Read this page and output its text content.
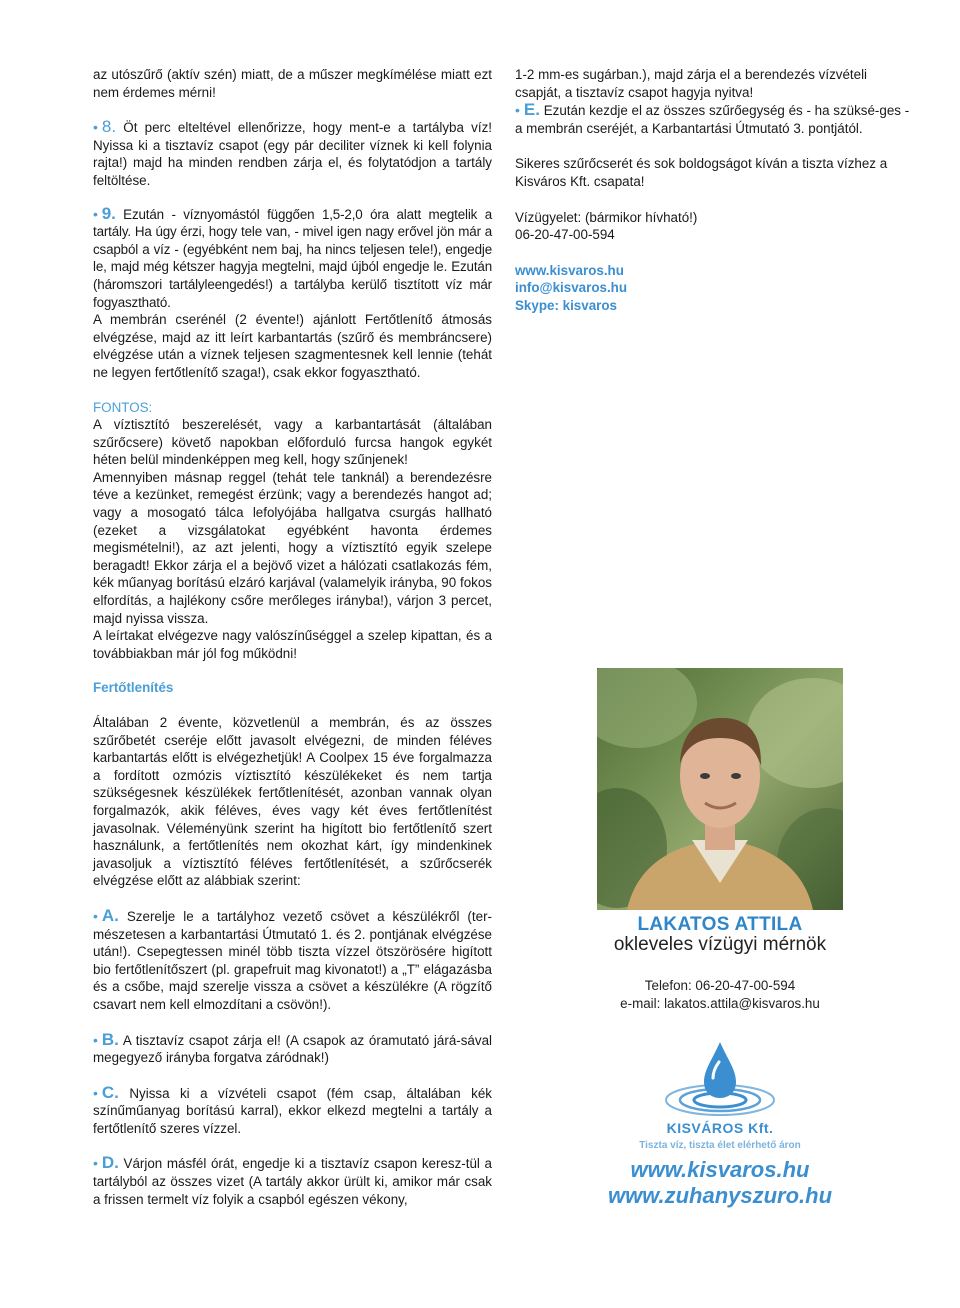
az utószűrő (aktív szén) miatt, de a műszer megkímélése miatt ezt nem érdemes mérni!

• 8. Öt perc elteltével ellenőrizze, hogy ment-e a tartályba víz! Nyissa ki a tisztavíz csapot (egy pár deciliter víznek ki kell folynia rajta!) majd ha minden rendben zárja el, és folytatódjon a tartály feltöltése.

• 9. Ezután - víznyomástól függően 1,5-2,0 óra alatt megtelik a tartály. Ha úgy érzi, hogy tele van, - mivel igen nagy erővel jön már a csapból a víz - (egyébként nem baj, ha nincs teljesen tele!), engedje le, majd még kétszer hagyja megtelni, majd újból engedje le. Ezután (háromszori tartályleengedés!) a tartályba kerülő tisztított víz már fogyasztható.

A membrán cserénél (2 évente!) ajánlott Fertőtlenítő átmosás elvégzése, majd az itt leírt karbantartás (szűrő és membráncsere) elvégzése után a víznek teljesen szagmentesnek kell lennie (tehát ne legyen fertőtlenítő szaga!), csak ekkor fogyasztható.

FONTOS:

A víztisztító beszerelését, vagy a karbantartását (általában szűrőcsere) követő napokban előforduló furcsa hangok egykét héten belül mindenképpen meg kell, hogy szűnjenek!

Amennyiben másnap reggel (tehát tele tanknál) a berendezésre téve a kezünket, remegést érzünk; vagy a berendezés hangot ad; vagy a mosogató tálca lefolyójába hallgatva csurgás hallható (ezeket a vizsgálatokat egyébként havonta érdemes megismételni!), az azt jelenti, hogy a víztisztító egyik szelepe beragadt! Ekkor zárja el a bejövő vizet a hálózati csatlakozás fém, kék műanyag borítású elzáró karjával (valamelyik irányba, 90 fokos elfordítás, a hajlékony csőre merőleges irányba!), várjon 3 percet, majd nyissa vissza.

A leírtakat elvégezve nagy valószínűséggel a szelep kipattan, és a továbbiakban már jól fog működni!

Fertőtlenítés

Általában 2 évente, közvetlenül a membrán, és az összes szűrőbetét cseréje előtt javasolt elvégezni, de minden féléves karbantartás előtt is elvégezhetjük! A Coolpex 15 éve forgalmazza a fordított ozmózis víztisztító készülékeket és nem tartja szükségesnek készülékek fertőtlenítését, azonban vannak olyan forgalmazók, akik féléves, éves vagy két éves fertőtlenítést javasolnak. Véleményünk szerint ha higított bio fertőtlenítő szert használunk, a fertőtlenítés nem okozhat kárt, így mindenkinek javasoljuk a víztisztító féléves fertőtlenítését, a szűrőcserék elvégzése előtt az alábbiak szerint:

• A. Szerelje le a tartályhoz vezető csövet a készülékről (ter-mészetesen a karbantartási Útmutató 1. és 2. pontjának elvégzése után!). Csepegtessen minél több tiszta vízzel ötszörösére higított bio fertőtlenítőszert (pl. grapefruit mag kivonatot!) a „T” elágazásba és a csőbe, majd szerelje vissza a csövet a készülékre (A rögzítő csavart nem kell elmozdítani a csövön!).

• B. A tisztavíz csapot zárja el! (A csapok az óramutató járá-sával megegyező irányba forgatva záródnak!)

• C. Nyissa ki a vízvételi csapot (fém csap, általában kék színűműanyag borítású karral), ekkor elkezd megtelni a tartály a fertőtlenítő szeres vízzel.

• D. Várjon másfél órát, engedje ki a tisztavíz csapon keresz-tül a tartályból az összes vizet (A tartály akkor ürült ki, amikor már csak a frissen termelt víz folyik a csapból egészen vékony,

1-2 mm-es sugárban.), majd zárja el a berendezés vízvételi csapját, a tisztavíz csapot hagyja nyitva!

• E. Ezután kezdje el az összes szűrőegység és - ha szüksé-ges - a membrán cseréjét, a Karbantartási Útmutató 3. pontjától.

Sikeres szűrőcserét és sok boldogságot kíván a tiszta vízhez a Kisváros Kft. csapata!

Vízügyelet: (bármikor hívható!)

06-20-47-00-594

www.kisvaros.hu

info@kisvaros.hu

Skype: kisvaros

LAKATOS ATTILA
okleveles vízügyi mérnök
Telefon: 06-20-47-00-594
e-mail: lakatos.attila@kisvaros.hu
KISVÁROS Kft.
Tiszta víz, tiszta élet elérhető áron
www.kisvaros.hu
www.zuhanyszuro.hu
